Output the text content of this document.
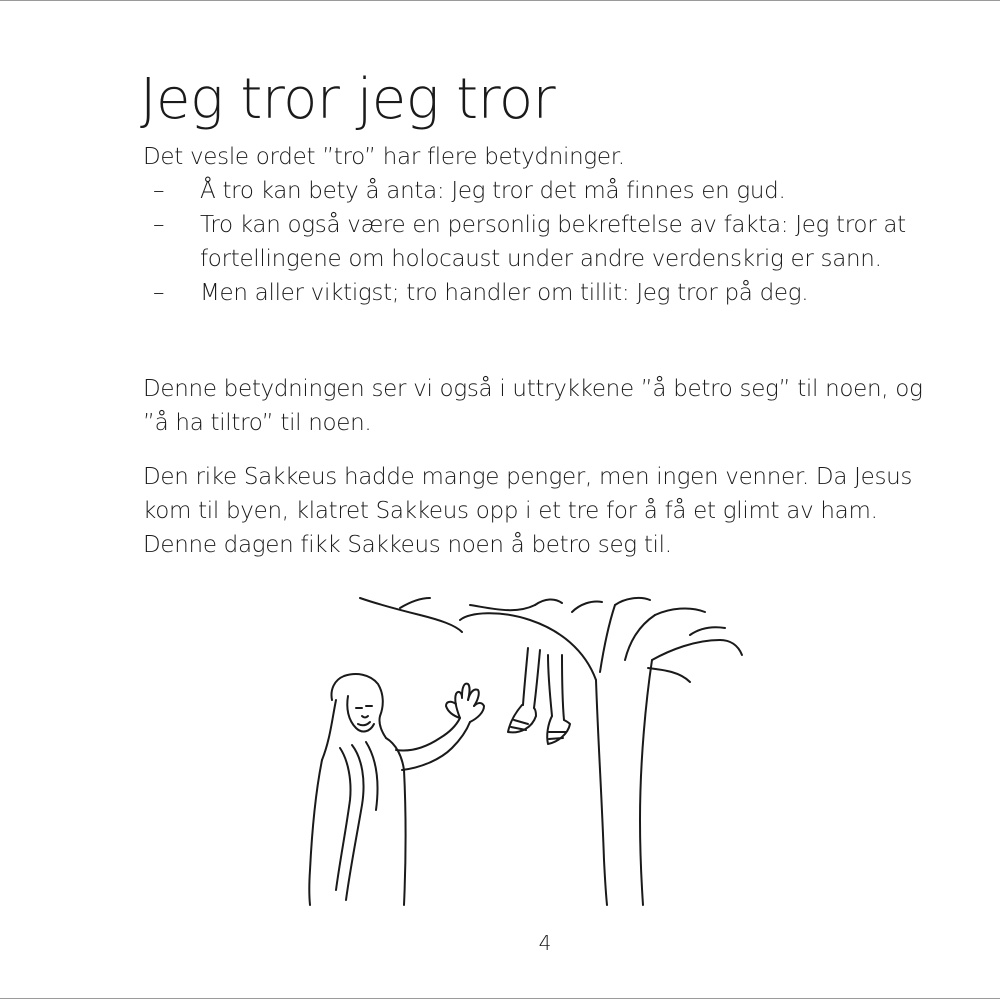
Jeg tror jeg tror

Det vesle ordet ”tro” har flere betydninger.

– Å tro kan bety å anta: Jeg tror det må finnes en gud.
– Tro kan også være en personlig bekreftelse av fakta: Jeg tror at fortellingene om holocaust under andre verdenskrig er sann.
– Men aller viktigst; tro handler om tillit: Jeg tror på deg.

Denne betydningen ser vi også i uttrykkene ”å betro seg” til noen, og ”å ha tiltro” til noen.

Den rike Sakkeus hadde mange penger, men ingen venner. Da Jesus kom til byen, klatret Sakkeus opp i et tre for å få et glimt av ham. Denne dagen fikk Sakkeus noen å betro seg til.

4
